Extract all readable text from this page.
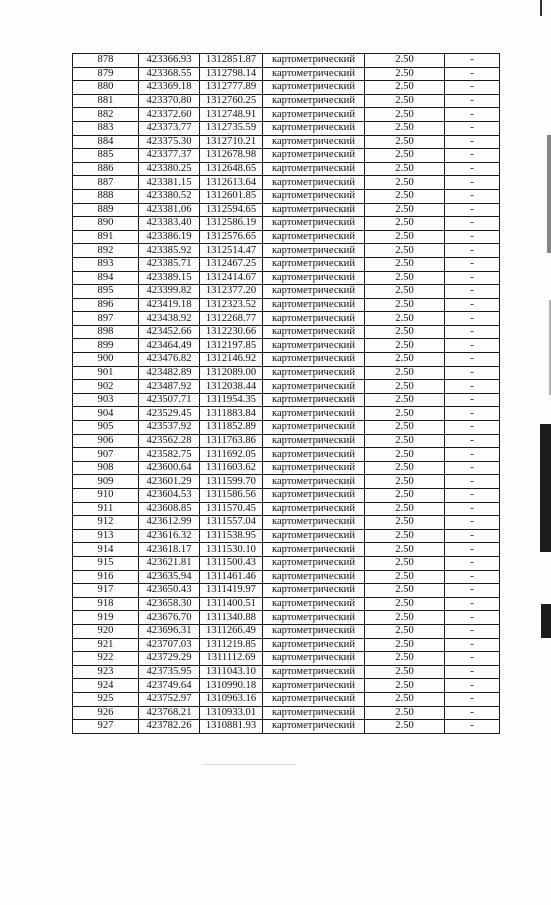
878	423366.93	1312851.87	картометрический	2.50	-
879	423368.55	1312798.14	картометрический	2.50	-
880	423369.18	1312777.89	картометрический	2.50	-
881	423370.80	1312760.25	картометрический	2.50	-
882	423372.60	1312748.91	картометрический	2.50	-
883	423373.77	1312735.59	картометрический	2.50	-
884	423375.30	1312710.21	картометрический	2.50	-
885	423377.37	1312678.98	картометрический	2.50	-
886	423380.25	1312648.65	картометрический	2.50	-
887	423381.15	1312613.64	картометрический	2.50	-
888	423380.52	1312601.85	картометрический	2.50	-
889	423381.06	1312594.65	картометрический	2.50	-
890	423383.40	1312586.19	картометрический	2.50	-
891	423386.19	1312576.65	картометрический	2.50	-
892	423385.92	1312514.47	картометрический	2.50	-
893	423385.71	1312467.25	картометрический	2.50	-
894	423389.15	1312414.67	картометрический	2.50	-
895	423399.82	1312377.20	картометрический	2.50	-
896	423419.18	1312323.52	картометрический	2.50	-
897	423438.92	1312268.77	картометрический	2.50	-
898	423452.66	1312230.66	картометрический	2.50	-
899	423464.49	1312197.85	картометрический	2.50	-
900	423476.82	1312146.92	картометрический	2.50	-
901	423482.89	1312089.00	картометрический	2.50	-
902	423487.92	1312038.44	картометрический	2.50	-
903	423507.71	1311954.35	картометрический	2.50	-
904	423529.45	1311883.84	картометрический	2.50	-
905	423537.92	1311852.89	картометрический	2.50	-
906	423562.28	1311763.86	картометрический	2.50	-
907	423582.75	1311692.05	картометрический	2.50	-
908	423600.64	1311603.62	картометрический	2.50	-
909	423601.29	1311599.70	картометрический	2.50	-
910	423604.53	1311586.56	картометрический	2.50	-
911	423608.85	1311570.45	картометрический	2.50	-
912	423612.99	1311557.04	картометрический	2.50	-
913	423616.32	1311538.95	картометрический	2.50	-
914	423618.17	1311530.10	картометрический	2.50	-
915	423621.81	1311500.43	картометрический	2.50	-
916	423635.94	1311461.46	картометрический	2.50	-
917	423650.43	1311419.97	картометрический	2.50	-
918	423658.30	1311400.51	картометрический	2.50	-
919	423676.70	1311340.88	картометрический	2.50	-
920	423696.31	1311266.49	картометрический	2.50	-
921	423707.03	1311219.85	картометрический	2.50	-
922	423729.29	1311112.69	картометрический	2.50	-
923	423735.95	1311043.10	картометрический	2.50	-
924	423749.64	1310990.18	картометрический	2.50	-
925	423752.97	1310963.16	картометрический	2.50	-
926	423768.21	1310933.01	картометрический	2.50	-
927	423782.26	1310881.93	картометрический	2.50	-
